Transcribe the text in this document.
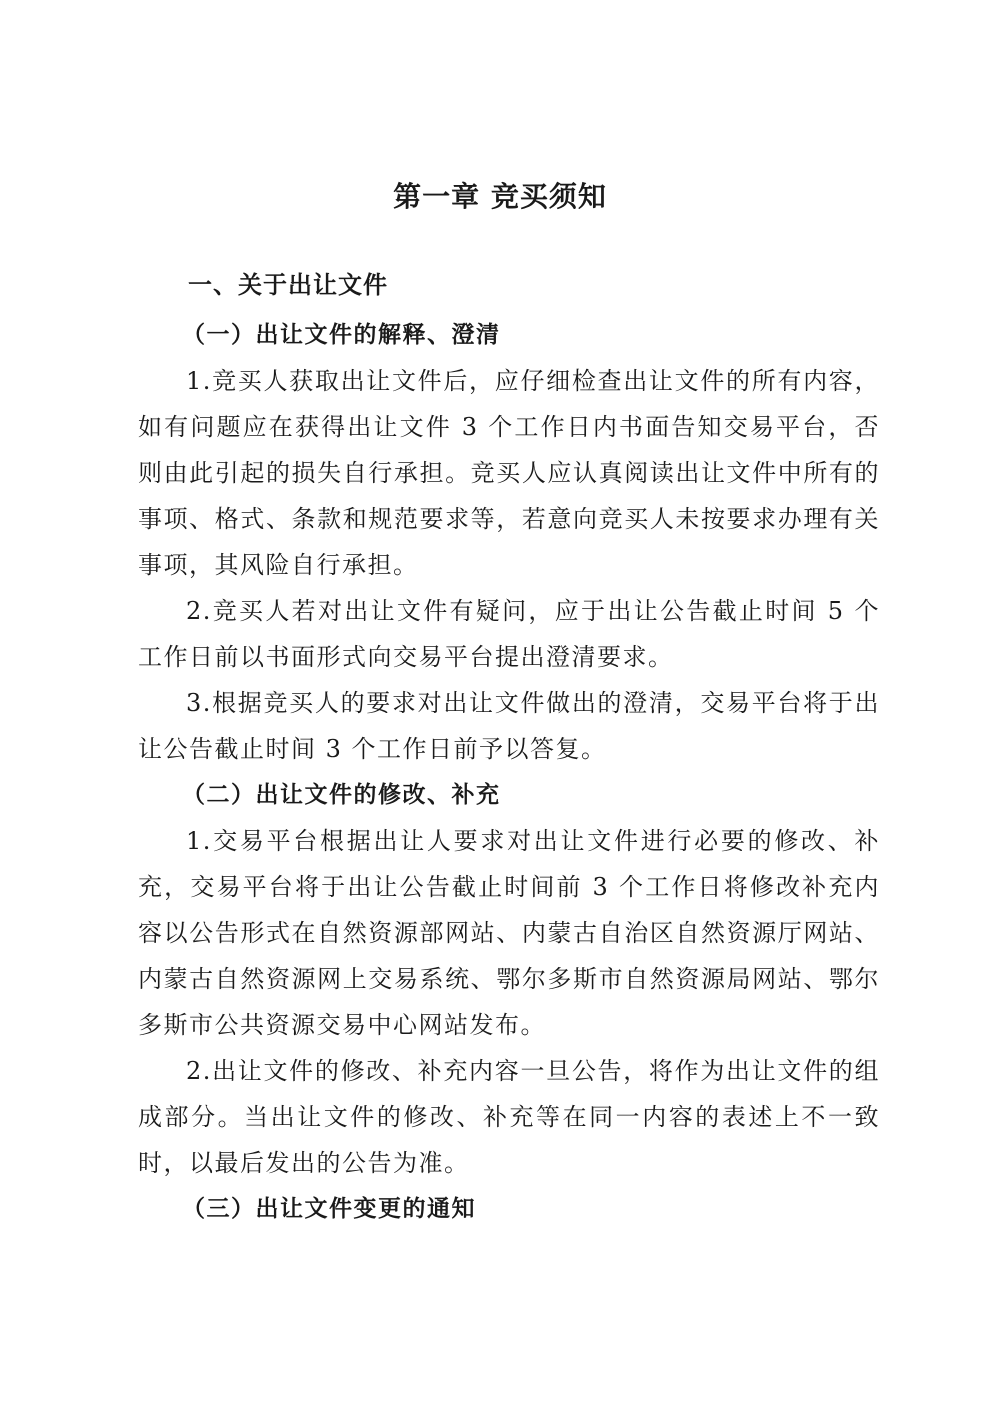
第一章 竞买须知
一、关于出让文件
（一）出让文件的解释、澄清

1.竞买人获取出让文件后，应仔细检查出让文件的所有内容，如有问题应在获得出让文件 3 个工作日内书面告知交易平台，否则由此引起的损失自行承担。竞买人应认真阅读出让文件中所有的事项、格式、条款和规范要求等，若意向竞买人未按要求办理有关事项，其风险自行承担。

2.竞买人若对出让文件有疑问，应于出让公告截止时间 5 个工作日前以书面形式向交易平台提出澄清要求。

3.根据竞买人的要求对出让文件做出的澄清，交易平台将于出让公告截止时间 3 个工作日前予以答复。

（二）出让文件的修改、补充

1.交易平台根据出让人要求对出让文件进行必要的修改、补充，交易平台将于出让公告截止时间前 3 个工作日将修改补充内容以公告形式在自然资源部网站、内蒙古自治区自然资源厅网站、内蒙古自然资源网上交易系统、鄂尔多斯市自然资源局网站、鄂尔多斯市公共资源交易中心网站发布。

2.出让文件的修改、补充内容一旦公告，将作为出让文件的组成部分。当出让文件的修改、补充等在同一内容的表述上不一致时，以最后发出的公告为准。

（三）出让文件变更的通知
